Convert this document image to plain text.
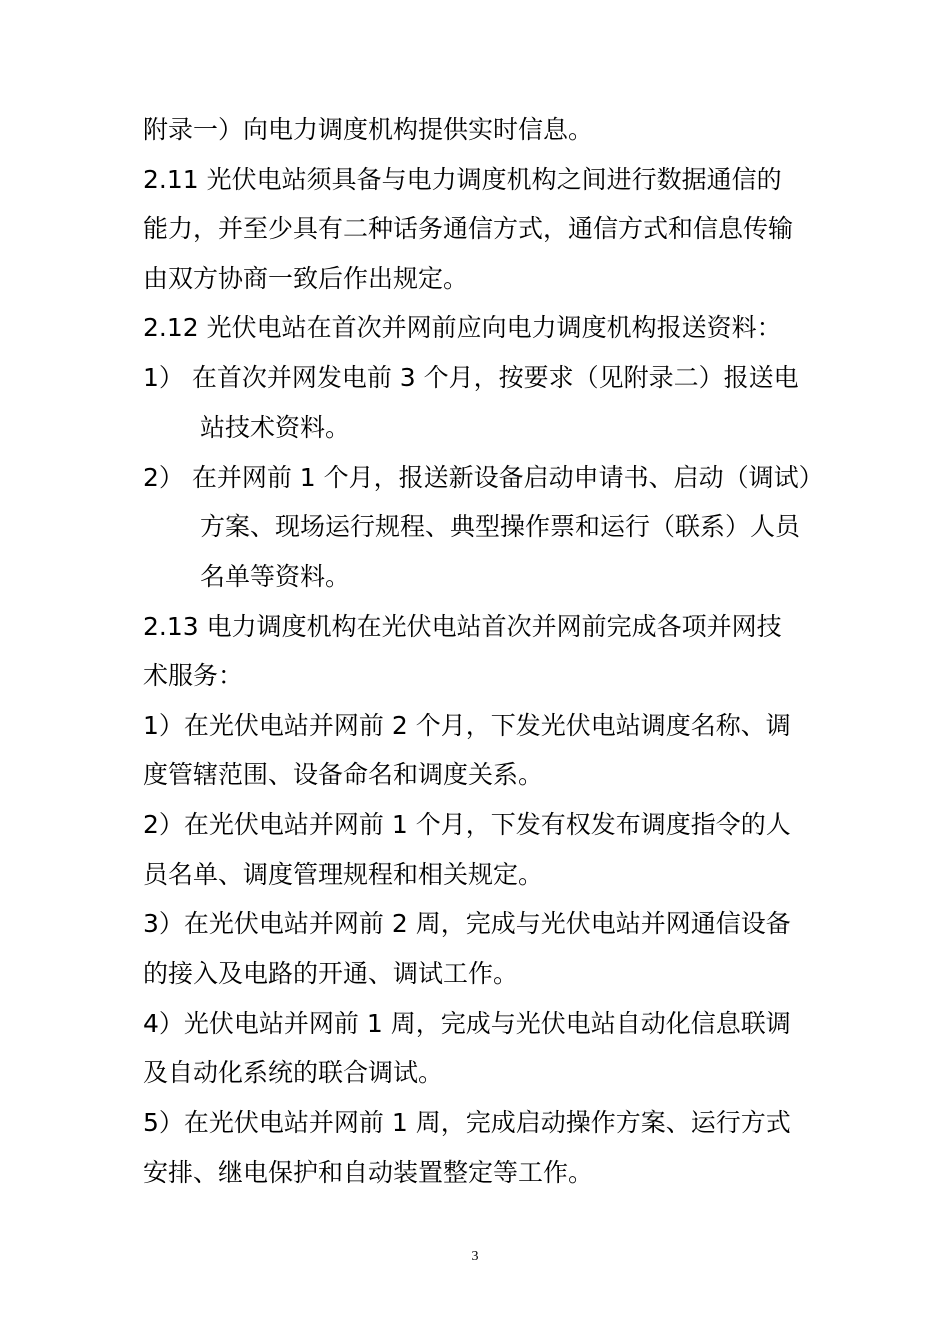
附录一）向电力调度机构提供实时信息。
2.11 光伏电站须具备与电力调度机构之间进行数据通信的
能力，并至少具有二种话务通信方式，通信方式和信息传输
由双方协商一致后作出规定。
2.12 光伏电站在首次并网前应向电力调度机构报送资料：
1） 在首次并网发电前 3 个月，按要求（见附录二）报送电
站技术资料。
2） 在并网前 1 个月，报送新设备启动申请书、启动（调试）
方案、现场运行规程、典型操作票和运行（联系）人员
名单等资料。
2.13 电力调度机构在光伏电站首次并网前完成各项并网技
术服务：
1）在光伏电站并网前 2 个月，下发光伏电站调度名称、调
度管辖范围、设备命名和调度关系。
2）在光伏电站并网前 1 个月，下发有权发布调度指令的人
员名单、调度管理规程和相关规定。
3）在光伏电站并网前 2 周，完成与光伏电站并网通信设备
的接入及电路的开通、调试工作。
4）光伏电站并网前 1 周，完成与光伏电站自动化信息联调
及自动化系统的联合调试。
5）在光伏电站并网前 1 周，完成启动操作方案、运行方式
安排、继电保护和自动装置整定等工作。
3
